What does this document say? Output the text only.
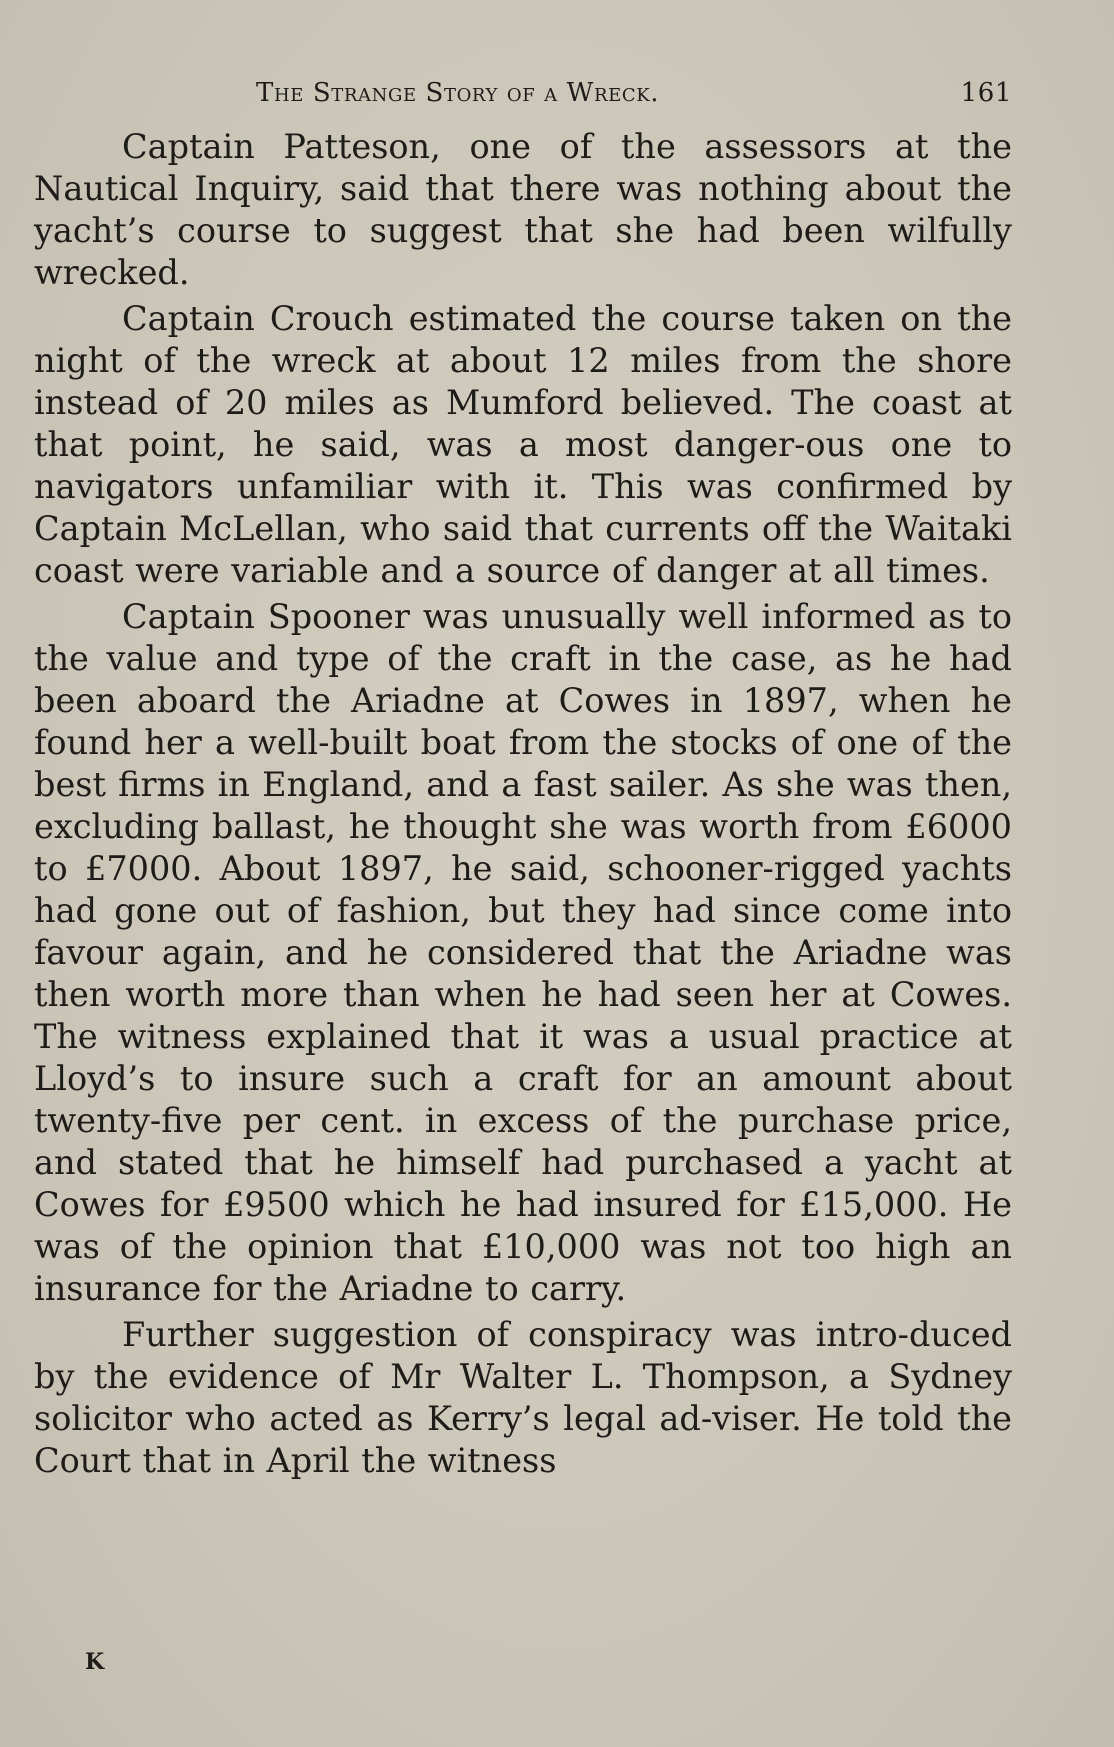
The Strange Story of a Wreck.	161

Captain Patteson, one of the assessors at the Nautical Inquiry, said that there was nothing about the yacht’s course to suggest that she had been wilfully wrecked.

Captain Crouch estimated the course taken on the night of the wreck at about 12 miles from the shore instead of 20 miles as Mumford believed. The coast at that point, he said, was a most danger-ous one to navigators unfamiliar with it. This was confirmed by Captain McLellan, who said that currents off the Waitaki coast were variable and a source of danger at all times.

Captain Spooner was unusually well informed as to the value and type of the craft in the case, as he had been aboard the Ariadne at Cowes in 1897, when he found her a well-built boat from the stocks of one of the best firms in England, and a fast sailer. As she was then, excluding ballast, he thought she was worth from £6000 to £7000. About 1897, he said, schooner-rigged yachts had gone out of fashion, but they had since come into favour again, and he considered that the Ariadne was then worth more than when he had seen her at Cowes. The witness explained that it was a usual practice at Lloyd’s to insure such a craft for an amount about twenty-five per cent. in excess of the purchase price, and stated that he himself had purchased a yacht at Cowes for £9500 which he had insured for £15,000. He was of the opinion that £10,000 was not too high an insurance for the Ariadne to carry.

Further suggestion of conspiracy was intro-duced by the evidence of Mr Walter L. Thompson, a Sydney solicitor who acted as Kerry’s legal ad-viser. He told the Court that in April the witness

K
